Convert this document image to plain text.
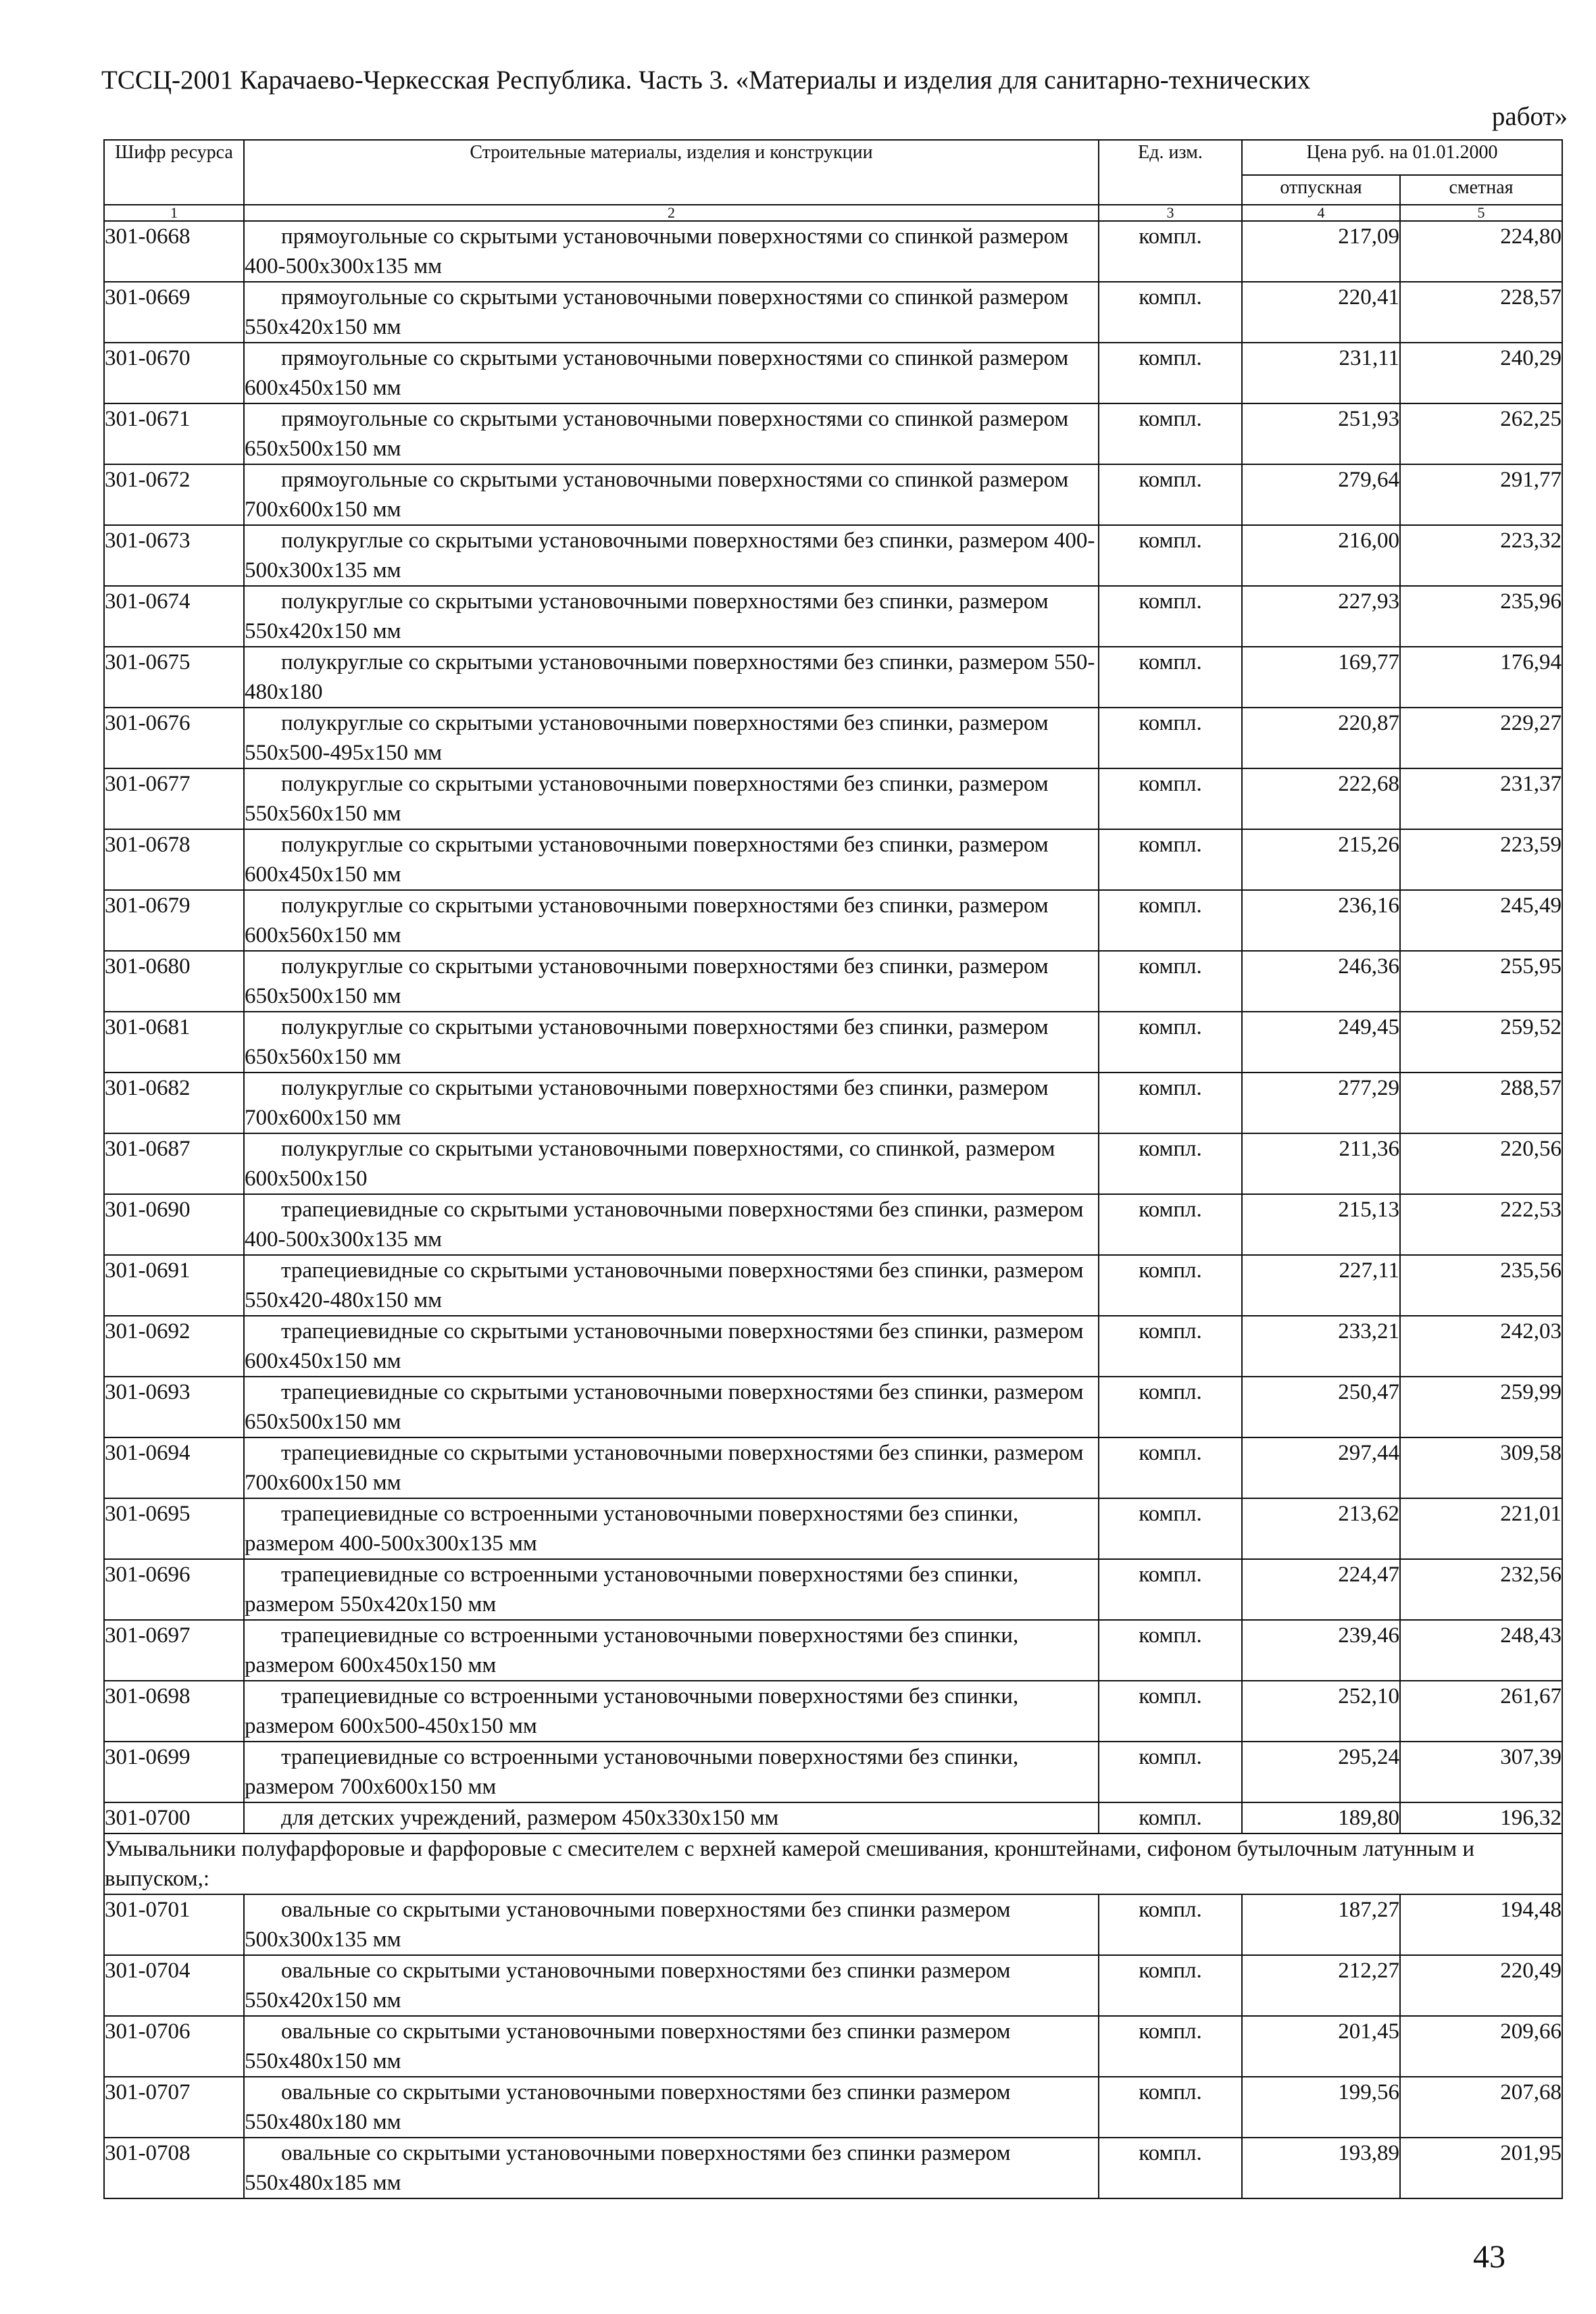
ТССЦ-2001 Карачаево-Черкесская Республика. Часть 3. «Материалы и изделия для санитарно-технических
работ»
Шифр ресурса	Строительные материалы, изделия и конструкции	Ед. изм.	Цена руб. на 01.01.2000	
			отпускная	сметная
1	2	3	4	5
301-0668	прямоугольные со скрытыми установочными поверхностями со спинкой размером 400-500х300х135 мм	компл.	217,09	224,80
301-0669	прямоугольные со скрытыми установочными поверхностями со спинкой размером 550х420х150 мм	компл.	220,41	228,57
301-0670	прямоугольные со скрытыми установочными поверхностями со спинкой размером 600х450х150 мм	компл.	231,11	240,29
301-0671	прямоугольные со скрытыми установочными поверхностями со спинкой размером 650х500х150 мм	компл.	251,93	262,25
301-0672	прямоугольные со скрытыми установочными поверхностями со спинкой размером 700х600х150 мм	компл.	279,64	291,77
301-0673	полукруглые со скрытыми установочными поверхностями без спинки, размером 400-500х300х135 мм	компл.	216,00	223,32
301-0674	полукруглые со скрытыми установочными поверхностями без спинки, размером 550х420х150 мм	компл.	227,93	235,96
301-0675	полукруглые со скрытыми установочными поверхностями без спинки, размером 550-480х180	компл.	169,77	176,94
301-0676	полукруглые со скрытыми установочными поверхностями без спинки, размером 550х500-495х150 мм	компл.	220,87	229,27
301-0677	полукруглые со скрытыми установочными поверхностями без спинки, размером 550х560х150 мм	компл.	222,68	231,37
301-0678	полукруглые со скрытыми установочными поверхностями без спинки, размером 600х450х150 мм	компл.	215,26	223,59
301-0679	полукруглые со скрытыми установочными поверхностями без спинки, размером 600х560х150 мм	компл.	236,16	245,49
301-0680	полукруглые со скрытыми установочными поверхностями без спинки, размером 650х500х150 мм	компл.	246,36	255,95
301-0681	полукруглые со скрытыми установочными поверхностями без спинки, размером 650х560х150 мм	компл.	249,45	259,52
301-0682	полукруглые со скрытыми установочными поверхностями без спинки, размером 700х600х150 мм	компл.	277,29	288,57
301-0687	полукруглые со скрытыми установочными поверхностями, со спинкой, размером 600х500х150	компл.	211,36	220,56
301-0690	трапециевидные со скрытыми установочными поверхностями без спинки, размером 400-500х300х135 мм	компл.	215,13	222,53
301-0691	трапециевидные со скрытыми установочными поверхностями без спинки, размером 550х420-480х150 мм	компл.	227,11	235,56
301-0692	трапециевидные со скрытыми установочными поверхностями без спинки, размером 600х450х150 мм	компл.	233,21	242,03
301-0693	трапециевидные со скрытыми установочными поверхностями без спинки, размером 650х500х150 мм	компл.	250,47	259,99
301-0694	трапециевидные со скрытыми установочными поверхностями без спинки, размером 700х600х150 мм	компл.	297,44	309,58
301-0695	трапециевидные со встроенными установочными поверхностями без спинки, размером 400-500х300х135 мм	компл.	213,62	221,01
301-0696	трапециевидные со встроенными установочными поверхностями без спинки, размером 550х420х150 мм	компл.	224,47	232,56
301-0697	трапециевидные со встроенными установочными поверхностями без спинки, размером 600х450х150 мм	компл.	239,46	248,43
301-0698	трапециевидные со встроенными установочными поверхностями без спинки, размером 600х500-450х150 мм	компл.	252,10	261,67
301-0699	трапециевидные со встроенными установочными поверхностями без спинки, размером 700х600х150 мм	компл.	295,24	307,39
301-0700	для детских учреждений, размером 450х330х150 мм	компл.	189,80	196,32
Умывальники полуфарфоровые и фарфоровые с смесителем с верхней камерой смешивания, кронштейнами, сифоном бутылочным латунным и выпуском,:				
301-0701	овальные со скрытыми установочными поверхностями без спинки размером 500х300х135 мм	компл.	187,27	194,48
301-0704	овальные со скрытыми установочными поверхностями без спинки размером 550х420х150 мм	компл.	212,27	220,49
301-0706	овальные со скрытыми установочными поверхностями без спинки размером 550х480х150 мм	компл.	201,45	209,66
301-0707	овальные со скрытыми установочными поверхностями без спинки размером 550х480х180 мм	компл.	199,56	207,68
301-0708	овальные со скрытыми установочными поверхностями без спинки размером 550х480х185 мм	компл.	193,89	201,95
43
